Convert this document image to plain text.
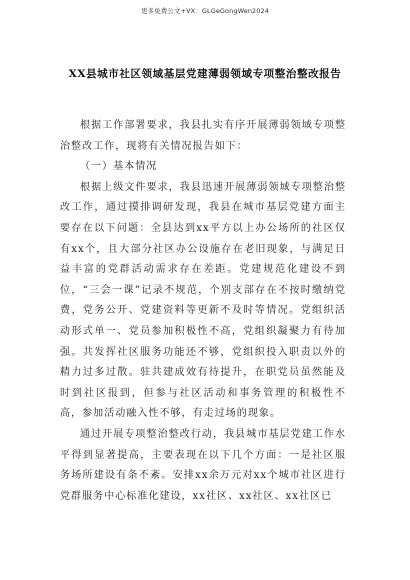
更多免费公文+VX：GLGeGongWen2024
XX县城市社区领域基层党建薄弱领域专项整治整改报告

根据工作部署要求，我县扎实有序开展薄弱领域专项整治整改工作，现将有关情况报告如下：

（一）基本情况

根据上级文件要求，我县迅速开展薄弱领域专项整治整改工作，通过摸排调研发现，我县在城市基层党建方面主要存在以下问题：全县达到xx平方以上办公场所的社区仅有xx个，且大部分社区办公设施存在老旧现象，与满足日益丰富的党群活动需求存在差距。党建规范化建设不到位，“三会一课”记录不规范，个别支部存在不按时缴纳党费，党务公开、党建资料等更新不及时等情况。党组织活动形式单一、党员参加积极性不高，党组织凝聚力有待加强。共发挥社区服务功能还不够，党组织投入职责以外的精力过多过散。驻共建成效有待提升，在职党员虽然能及时到社区报到，但参与社区活动和事务管理的积极性不高，参加活动融入性不够，有走过场的现象。

通过开展专项整治整改行动，我县城市基层党建工作水平得到显著提高，主要表现在以下几个方面：一是社区服务场所建设有条不紊。安排xx余万元对xx个城市社区进行党群服务中心标准化建设，xx社区、xx社区、xx社区已
